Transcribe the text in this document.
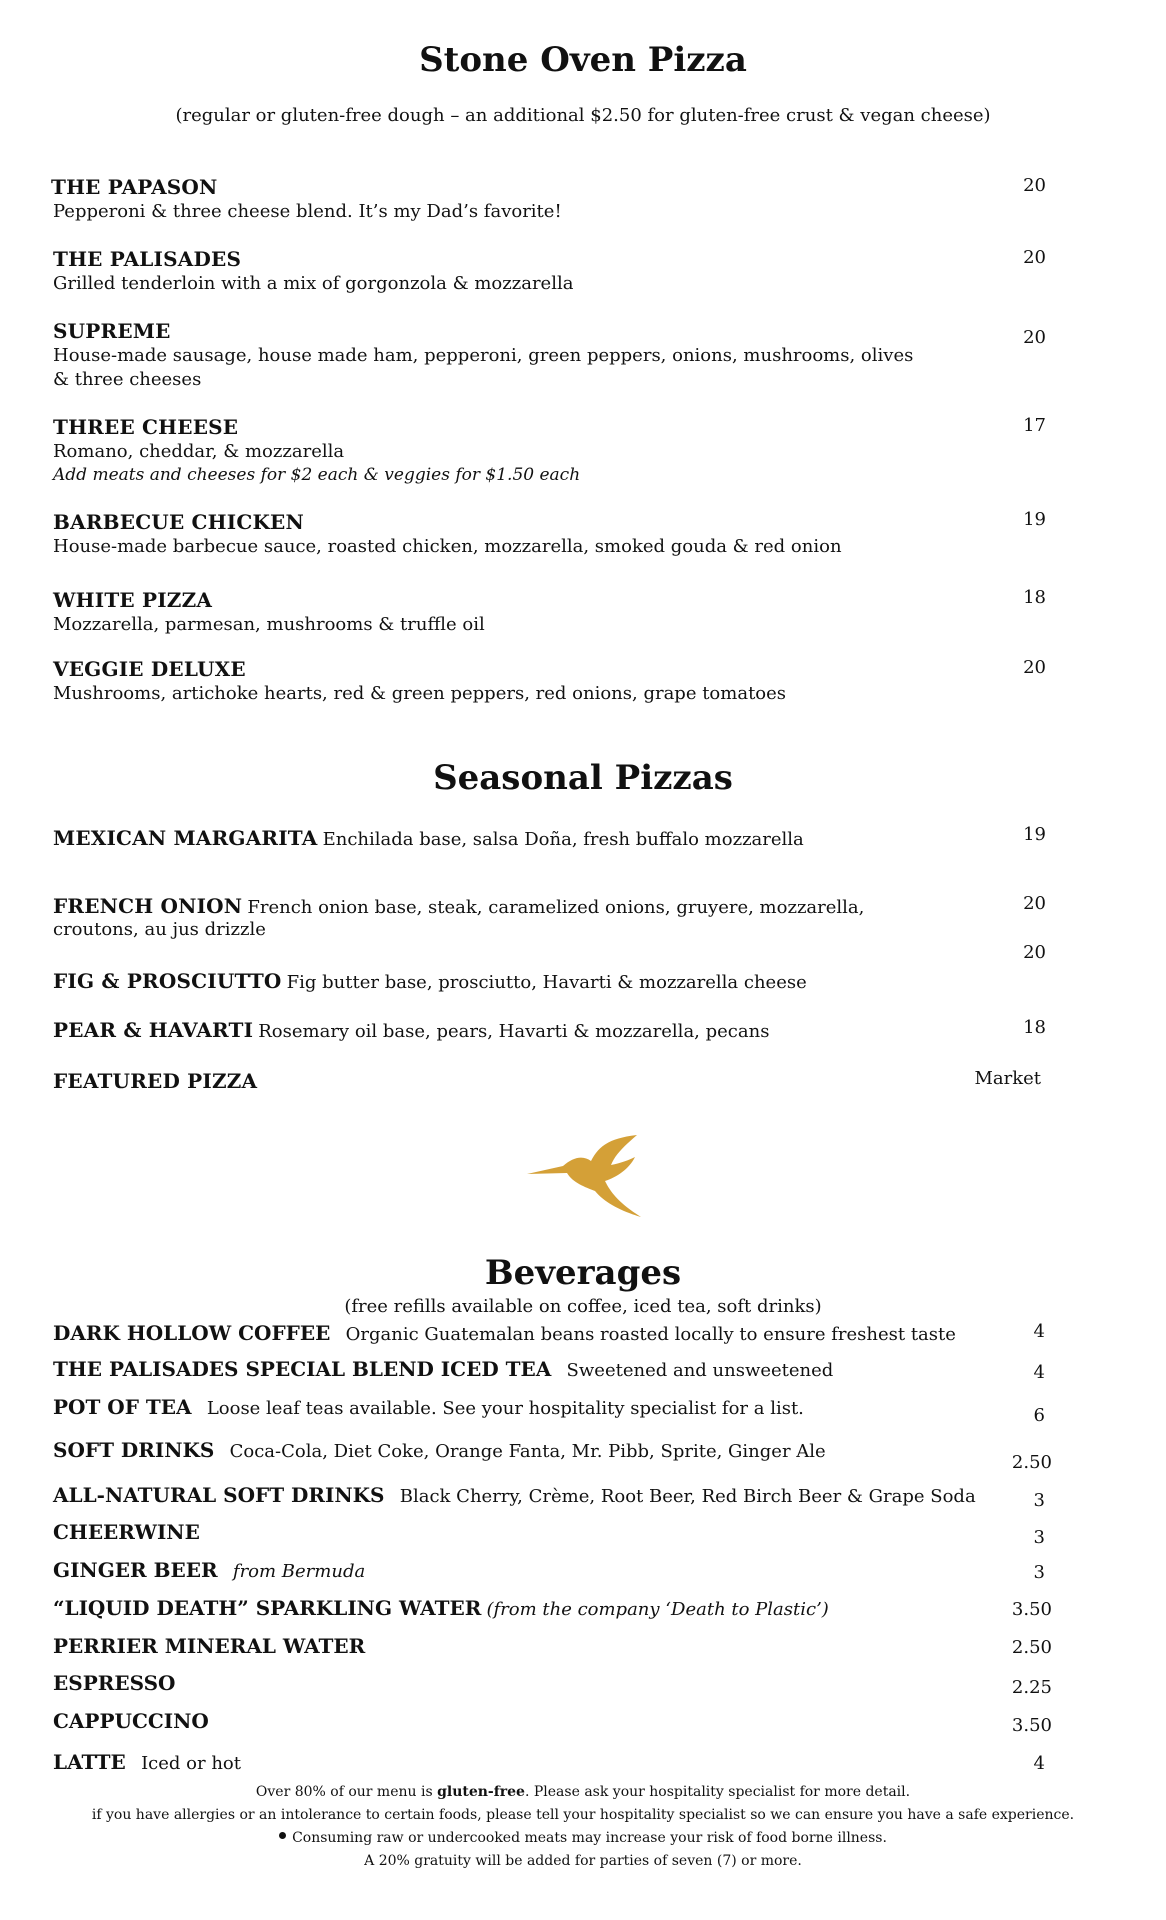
Stone Oven Pizza
(regular or gluten-free dough – an additional $2.50 for gluten-free crust & vegan cheese)
THE PAPASON
Pepperoni & three cheese blend. It’s my Dad’s favorite!
20
THE PALISADES
Grilled tenderloin with a mix of gorgonzola & mozzarella
20
SUPREME
House-made sausage, house made ham, pepperoni, green peppers, onions, mushrooms, olives
& three cheeses
20
THREE CHEESE
Romano, cheddar, & mozzarella
Add meats and cheeses for $2 each & veggies for $1.50 each
17
BARBECUE CHICKEN
House-made barbecue sauce, roasted chicken, mozzarella, smoked gouda & red onion
19
WHITE PIZZA
Mozzarella, parmesan, mushrooms & truffle oil
18
VEGGIE DELUXE
Mushrooms, artichoke hearts, red & green peppers, red onions, grape tomatoes
20
Seasonal Pizzas
MEXICAN MARGARITA Enchilada base, salsa Doña, fresh buffalo mozzarella	19
FRENCH ONION French onion base, steak, caramelized onions, gruyere, mozzarella,
croutons, au jus drizzle
20
FIG & PROSCIUTTO Fig butter base, prosciutto, Havarti & mozzarella cheese
20
PEAR & HAVARTI Rosemary oil base, pears, Havarti & mozzarella, pecans	18
FEATURED PIZZA	Market
Beverages
(free refills available on coffee, iced tea, soft drinks)
DARK HOLLOW COFFEE Organic Guatemalan beans roasted locally to ensure freshest taste	4
THE PALISADES SPECIAL BLEND ICED TEA Sweetened and unsweetened	4
POT OF TEA Loose leaf teas available. See your hospitality specialist for a list.	6
SOFT DRINKS Coca-Cola, Diet Coke, Orange Fanta, Mr. Pibb, Sprite, Ginger Ale
2.50
ALL-NATURAL SOFT DRINKS Black Cherry, Crème, Root Beer, Red Birch Beer & Grape Soda	3
CHEERWINE	3
GINGER BEER from Bermuda	3
“LIQUID DEATH” SPARKLING WATER (from the company ‘Death to Plastic’)	3.50
PERRIER MINERAL WATER	2.50
ESPRESSO	2.25
CAPPUCCINO	3.50
LATTE Iced or hot	4
Over 80% of our menu is gluten-free. Please ask your hospitality specialist for more detail.
if you have allergies or an intolerance to certain foods, please tell your hospitality specialist so we can ensure you have a safe experience.
Consuming raw or undercooked meats may increase your risk of food borne illness.
A 20% gratuity will be added for parties of seven (7) or more.
